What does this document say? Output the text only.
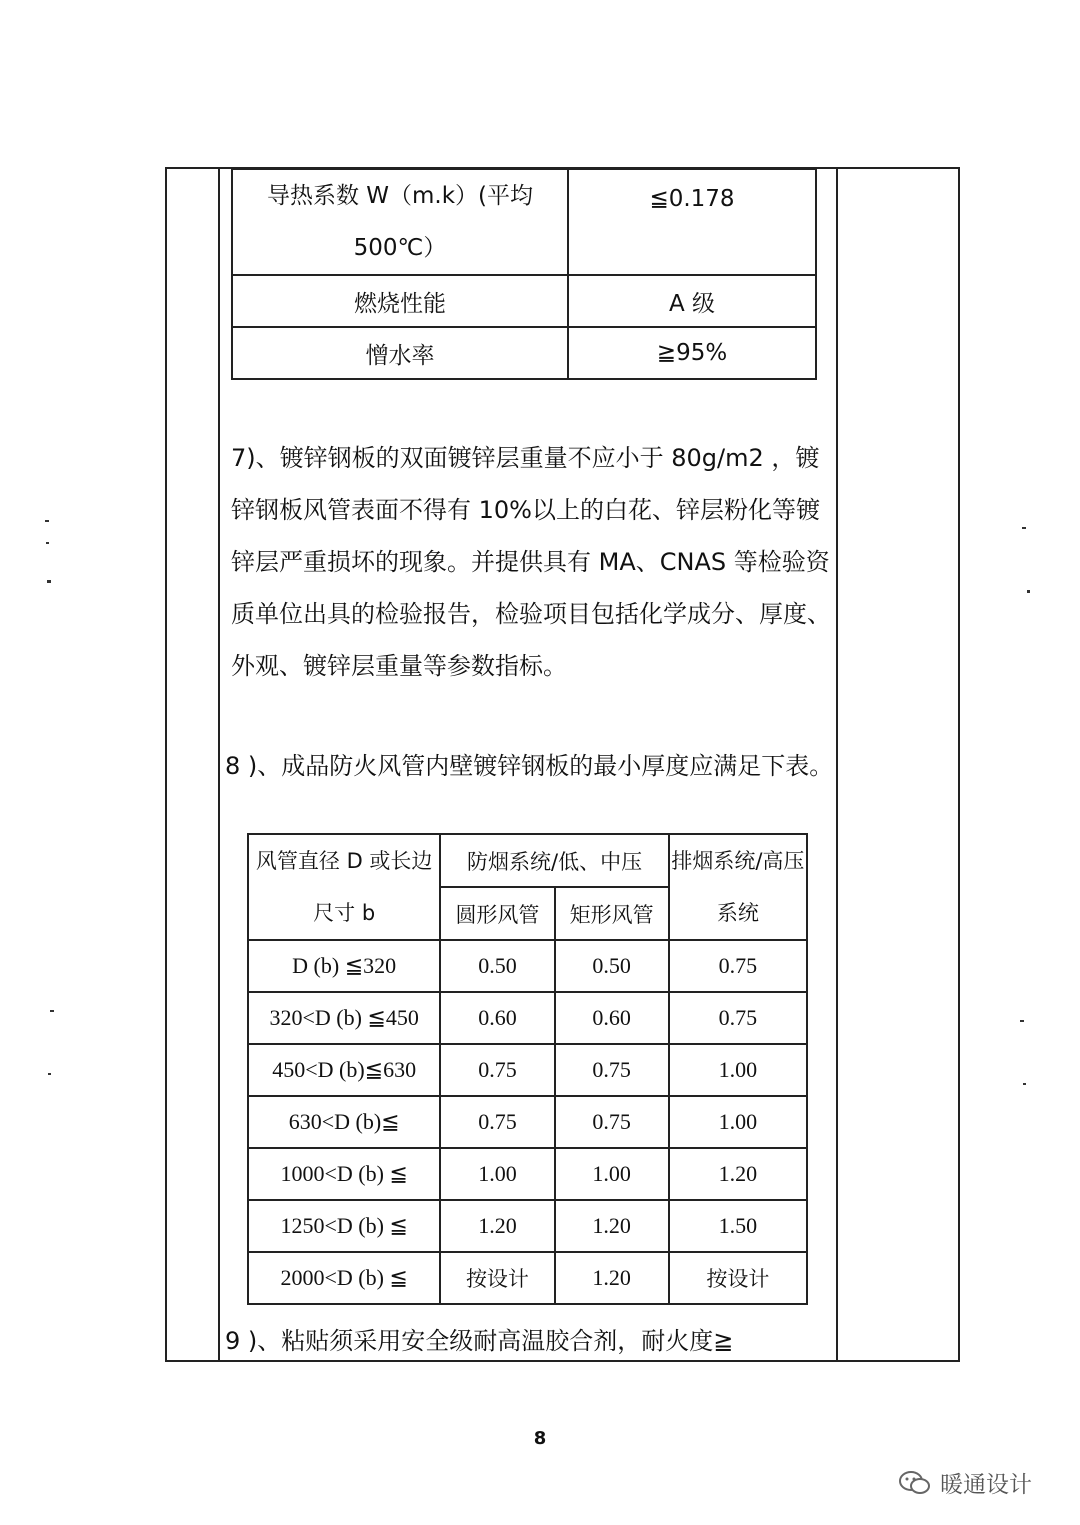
导热系数 W（m.k）(平均 500℃）	≦0.178
燃烧性能	A 级
憎水率	≧95%
7)、镀锌钢板的双面镀锌层重量不应小于 80g/m2 ，镀锌钢板风管表面不得有 10%以上的白花、锌层粉化等镀锌层严重损坏的现象。并提供具有 MA、CNAS 等检验资质单位出具的检验报告，检验项目包括化学成分、厚度、外观、镀锌层重量等参数指标。
8 )、成品防火风管内壁镀锌钢板的最小厚度应满足下表。
风管直径 D 或长边尺寸 b	防烟系统/低、中压		排烟系统/高压系统
	圆形风管	矩形风管	
D (b) ≦320	0.50	0.50	0.75
320<D (b) ≦450	0.60	0.60	0.75
450<D (b)≦630	0.75	0.75	1.00
630<D (b)≦	0.75	0.75	1.00
1000<D (b) ≦	1.00	1.00	1.20
1250<D (b) ≦	1.20	1.20	1.50
2000<D (b) ≦	按设计	1.20	按设计
9 )、粘贴须采用安全级耐高温胶合剂，耐火度≧
8
暖通设计
